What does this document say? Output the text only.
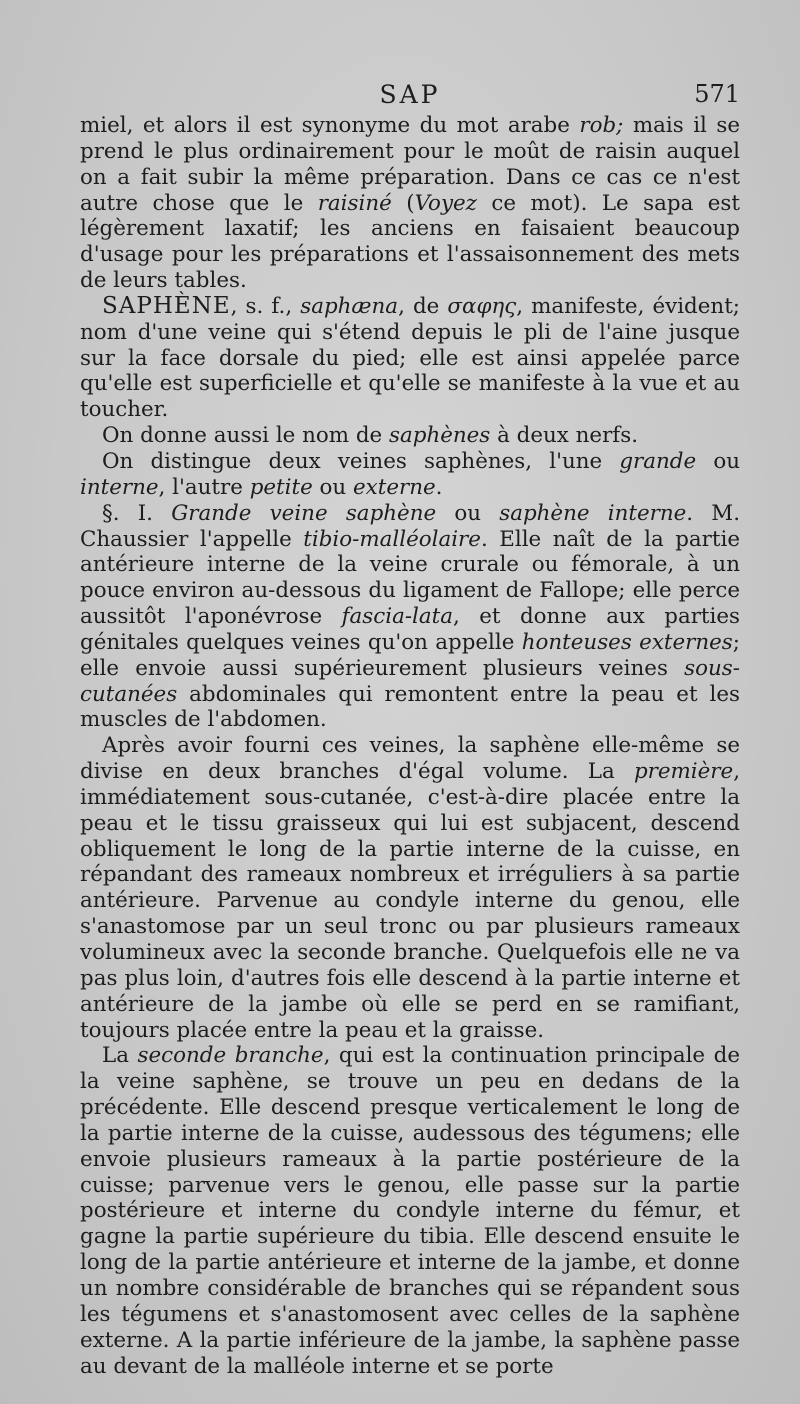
SAP	571

miel, et alors il est synonyme du mot arabe rob; mais il se prend le plus ordinairement pour le moût de raisin auquel on a fait subir la même préparation. Dans ce cas ce n'est autre chose que le raisiné (Voyez ce mot). Le sapa est légèrement laxatif; les anciens en faisaient beaucoup d'usage pour les préparations et l'assaisonnement des mets de leurs tables.

SAPHÈNE, s. f., saphæna, de σαφης, manifeste, évident; nom d'une veine qui s'étend depuis le pli de l'aine jusque sur la face dorsale du pied; elle est ainsi appelée parce qu'elle est superficielle et qu'elle se manifeste à la vue et au toucher.

On donne aussi le nom de saphènes à deux nerfs.

On distingue deux veines saphènes, l'une grande ou interne, l'autre petite ou externe.

§. I. Grande veine saphène ou saphène interne. M. Chaussier l'appelle tibio-malléolaire. Elle naît de la partie antérieure interne de la veine crurale ou fémorale, à un pouce environ au-dessous du ligament de Fallope; elle perce aussitôt l'aponévrose fascia-lata, et donne aux parties génitales quelques veines qu'on appelle honteuses externes; elle envoie aussi supérieurement plusieurs veines sous-cutanées abdominales qui remontent entre la peau et les muscles de l'abdomen.

Après avoir fourni ces veines, la saphène elle-même se divise en deux branches d'égal volume. La première, immédiatement sous-cutanée, c'est-à-dire placée entre la peau et le tissu graisseux qui lui est subjacent, descend obliquement le long de la partie interne de la cuisse, en répandant des rameaux nombreux et irréguliers à sa partie antérieure. Parvenue au condyle interne du genou, elle s'anastomose par un seul tronc ou par plusieurs rameaux volumineux avec la seconde branche. Quelquefois elle ne va pas plus loin, d'autres fois elle descend à la partie interne et antérieure de la jambe où elle se perd en se ramifiant, toujours placée entre la peau et la graisse.

La seconde branche, qui est la continuation principale de la veine saphène, se trouve un peu en dedans de la précédente. Elle descend presque verticalement le long de la partie interne de la cuisse, audessous des tégumens; elle envoie plusieurs rameaux à la partie postérieure de la cuisse; parvenue vers le genou, elle passe sur la partie postérieure et interne du condyle interne du fémur, et gagne la partie supérieure du tibia. Elle descend ensuite le long de la partie antérieure et interne de la jambe, et donne un nombre considérable de branches qui se répandent sous les tégumens et s'anastomosent avec celles de la saphène externe. A la partie inférieure de la jambe, la saphène passe au devant de la malléole interne et se porte
